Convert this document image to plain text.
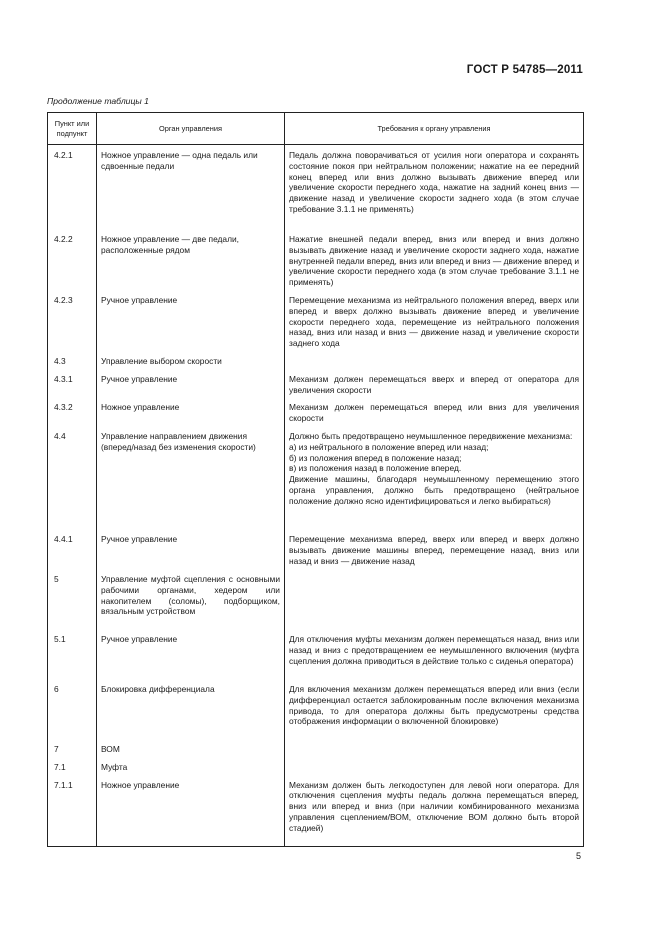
ГОСТ Р 54785—2011
Продолжение таблицы 1
Пункт или подпункт	Орган управления	Требования к органу управления

4.2.1	Ножное управление — одна педаль или сдвоенные педали	Педаль должна поворачиваться от усилия ноги оператора и сохранять состояние покоя при нейтральном положении; нажатие на ее передний конец вперед или вниз должно вызывать движение вперед или увеличение скорости переднего хода, нажатие на задний конец вниз — движение назад и увеличение скорости заднего хода (в этом случае требование 3.1.1 не применять)
4.2.2	Ножное управление — две педали, расположенные рядом	Нажатие внешней педали вперед, вниз или вперед и вниз должно вызывать движение назад и увеличение скорости заднего хода, нажатие внутренней педали вперед, вниз или вперед и вниз — движение вперед и увеличение скорости переднего хода (в этом случае требование 3.1.1 не применять)
4.2.3	Ручное управление	Перемещение механизма из нейтрального положения вперед, вверх или вперед и вверх должно вызывать движение вперед и увеличение скорости переднего хода, перемещение из нейтрального положения назад, вниз или назад и вниз — движение назад и увеличение скорости заднего хода
4.3	Управление выбором скорости	
4.3.1	Ручное управление	Механизм должен перемещаться вверх и вперед от оператора для увеличения скорости
4.3.2	Ножное управление	Механизм должен перемещаться вперед или вниз для увеличения скорости
4.4	Управление направлением движения (вперед/назад без изменения скорости)	Должно быть предотвращено неумышленное передвижение механизма:
а) из нейтрального в положение вперед или назад;
б) из положения вперед в положение назад;
в) из положения назад в положение вперед.
Движение машины, благодаря неумышленному перемещению этого органа управления, должно быть предотвращено (нейтральное положение должно ясно идентифицироваться и легко выбираться)
4.4.1	Ручное управление	Перемещение механизма вперед, вверх или вперед и вверх должно вызывать движение машины вперед, перемещение назад, вниз или назад и вниз — движение назад
5	Управление муфтой сцепления с основными рабочими органами, хедером или накопителем (соломы), подборщиком, вязальным устройством	
5.1	Ручное управление	Для отключения муфты механизм должен перемещаться назад, вниз или назад и вниз с предотвращением ее неумышленного включения (муфта сцепления должна приводиться в действие только с сиденья оператора)
6	Блокировка дифференциала	Для включения механизм должен перемещаться вперед или вниз (если дифференциал остается заблокированным после включения механизма привода, то для оператора должны быть предусмотрены средства отображения информации о включенной блокировке)
7	ВОМ	
7.1	Муфта	
7.1.1	Ножное управление	Механизм должен быть легкодоступен для левой ноги оператора. Для отключения сцепления муфты педаль должна перемещаться вперед, вниз или вперед и вниз (при наличии комбинированного механизма управления сцеплением/ВОМ, отключение ВОМ должно быть второй стадией)
5
